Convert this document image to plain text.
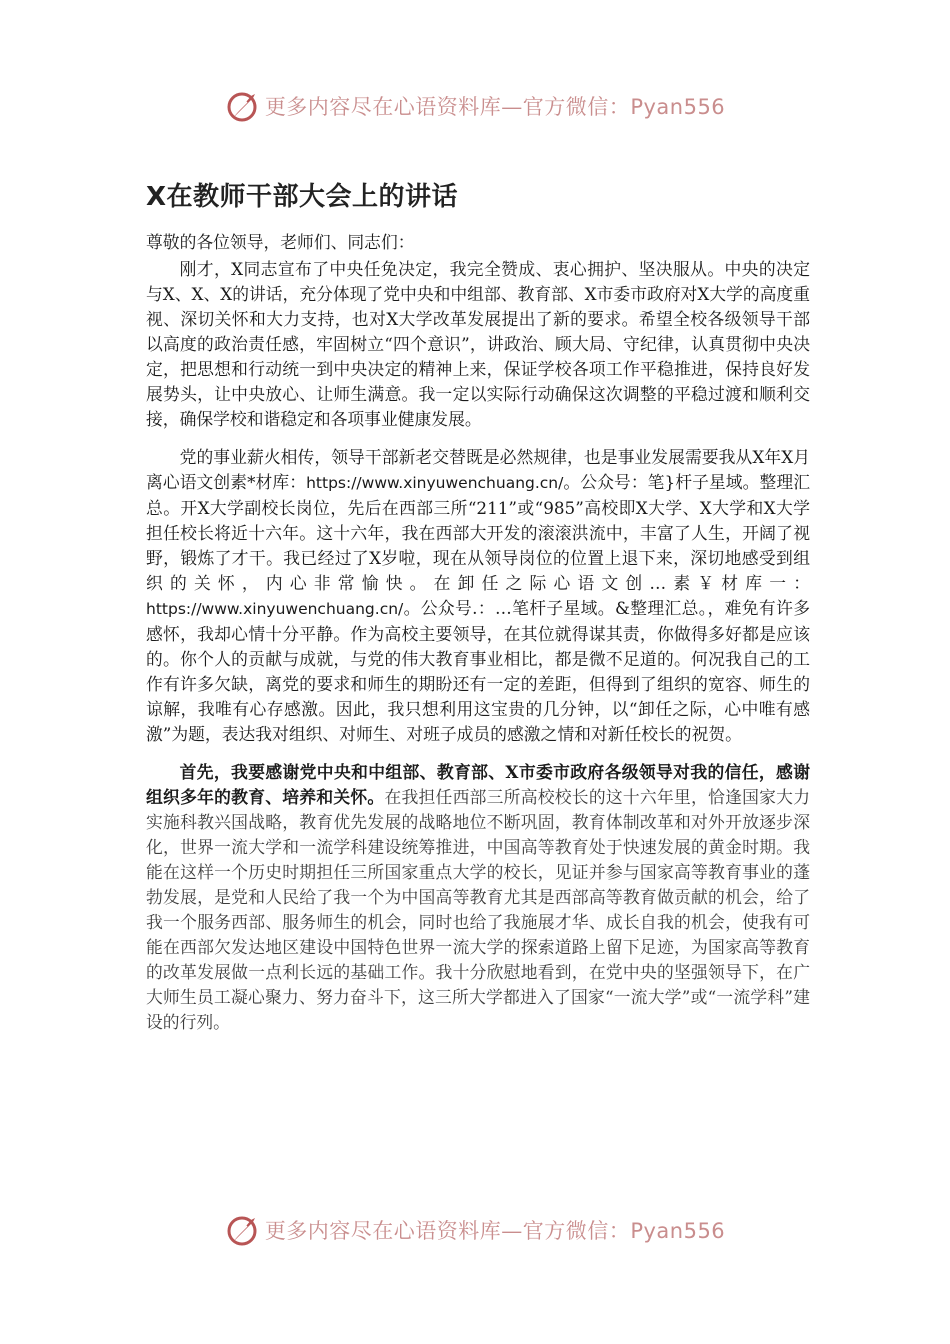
更多内容尽在心语资料库—官方微信：Pyan556
X在教师干部大会上的讲话

尊敬的各位领导，老师们、同志们：

刚才，X同志宣布了中央任免决定，我完全赞成、衷心拥护、坚决服从。中央的决定与X、X、X的讲话，充分体现了党中央和中组部、教育部、X市委市政府对X大学的高度重视、深切关怀和大力支持，也对X大学改革发展提出了新的要求。希望全校各级领导干部以高度的政治责任感，牢固树立“四个意识”，讲政治、顾大局、守纪律，认真贯彻中央决定，把思想和行动统一到中央决定的精神上来，保证学校各项工作平稳推进，保持良好发展势头，让中央放心、让师生满意。我一定以实际行动确保这次调整的平稳过渡和顺利交接，确保学校和谐稳定和各项事业健康发展。

党的事业薪火相传，领导干部新老交替既是必然规律，也是事业发展需要我从X年X月离心语文创素*材库：https://www.xinyuwenchuang.cn/。公众号：笔}杆子星域。整理汇总。开X大学副校长岗位，先后在西部三所“211”或“985”高校即X大学、X大学和X大学担任校长将近十六年。这十六年，我在西部大开发的滚滚洪流中，丰富了人生，开阔了视野，锻炼了才干。我已经过了X岁啦，现在从领导岗位的位置上退下来，深切地感受到组织的关怀，内心非常愉快。在卸任之际心语文创…素￥材库一：https://www.xinyuwenchuang.cn/。公众号.：…笔杆子星域。&整理汇总。，难免有许多感怀，我却心情十分平静。作为高校主要领导，在其位就得谋其责，你做得多好都是应该的。你个人的贡献与成就，与党的伟大教育事业相比，都是微不足道的。何况我自己的工作有许多欠缺，离党的要求和师生的期盼还有一定的差距，但得到了组织的宽容、师生的谅解，我唯有心存感激。因此，我只想利用这宝贵的几分钟，以“卸任之际，心中唯有感激”为题，表达我对组织、对师生、对班子成员的感激之情和对新任校长的祝贺。

首先，我要感谢党中央和中组部、教育部、X市委市政府各级领导对我的信任，感谢组织多年的教育、培养和关怀。在我担任西部三所高校校长的这十六年里，恰逢国家大力实施科教兴国战略，教育优先发展的战略地位不断巩固，教育体制改革和对外开放逐步深化，世界一流大学和一流学科建设统筹推进，中国高等教育处于快速发展的黄金时期。我能在这样一个历史时期担任三所国家重点大学的校长，见证并参与国家高等教育事业的蓬勃发展，是党和人民给了我一个为中国高等教育尤其是西部高等教育做贡献的机会，给了我一个服务西部、服务师生的机会，同时也给了我施展才华、成长自我的机会，使我有可能在西部欠发达地区建设中国特色世界一流大学的探索道路上留下足迹，为国家高等教育的改革发展做一点利长远的基础工作。我十分欣慰地看到，在党中央的坚强领导下，在广大师生员工凝心聚力、努力奋斗下，这三所大学都进入了国家“一流大学”或“一流学科”建设的行列。

更多内容尽在心语资料库—官方微信：Pyan556
